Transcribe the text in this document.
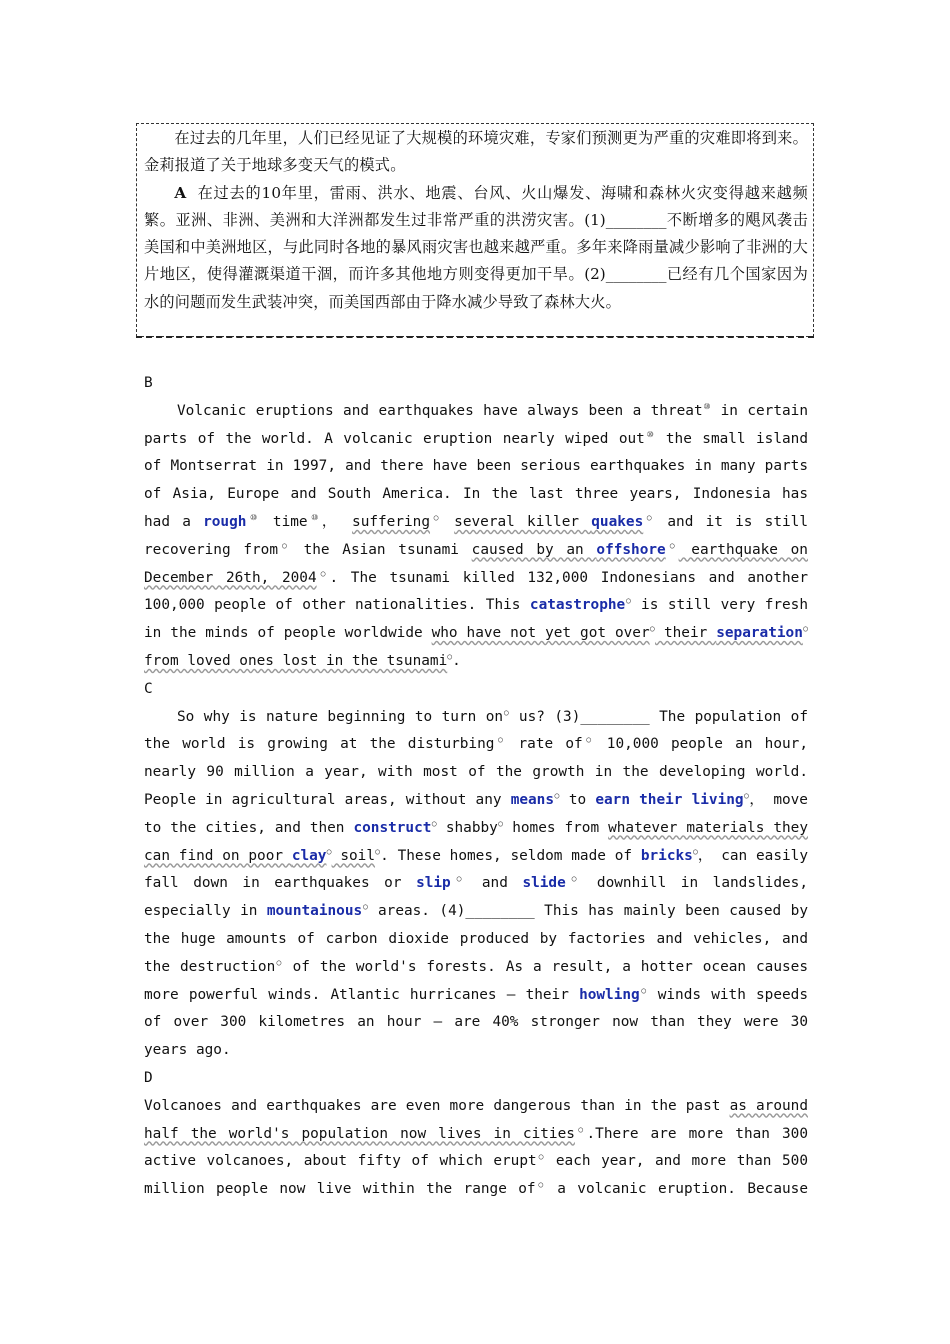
在过去的几年里，人们已经见证了大规模的环境灾难，专家们预测更为严重的灾难即将到来。金莉报道了关于地球多变天气的模式。

A 在过去的10年里，雷雨、洪水、地震、台风、火山爆发、海啸和森林火灾变得越来越频繁。亚洲、非洲、美洲和大洋洲都发生过非常严重的洪涝灾害。(1)________不断增多的飓风袭击美国和中美洲地区，与此同时各地的暴风雨灾害也越来越严重。多年来降雨量减少影响了非洲的大片地区，使得灌溉渠道干涸，而许多其他地方则变得更加干旱。(2)________已经有几个国家因为水的问题而发生武装冲突，而美国西部由于降水减少导致了森林大火。

B

Volcanic eruptions and earthquakes have always been a threat⑩ in certain parts of the world. A volcanic eruption nearly wiped out⑩ the small island of Montserrat in 1997, and there have been serious earthquakes in many parts of Asia, Europe and South America. In the last three years, Indonesia has had a rough⑩ time⑩， suffering○ several killer quakes○ and it is still recovering from○ the Asian tsunami caused by an offshore○ earthquake on December 26th, 2004○. The tsunami killed 132,000 Indonesians and another 100,000 people of other nationalities. This catastrophe○ is still very fresh in the minds of people worldwide who have not yet got over○ their separation○ from loved ones lost in the tsunami○.

C

So why is nature beginning to turn on○ us? (3)________ The population of the world is growing at the disturbing○ rate of○ 10,000 people an hour, nearly 90 million a year, with most of the growth in the developing world. People in agricultural areas, without any means○ to earn their living○， move to the cities, and then construct○ shabby○ homes from whatever materials they can find on poor clay○ soil○. These homes, seldom made of bricks○， can easily fall down in earthquakes or slip○ and slide○ downhill in landslides, especially in mountainous○ areas. (4)________ This has mainly been caused by the huge amounts of carbon dioxide produced by factories and vehicles, and the destruction○ of the world's forests. As a result, a hotter ocean causes more powerful winds. Atlantic hurricanes — their howling○ winds with speeds of over 300 kilometres an hour — are 40% stronger now than they were 30 years ago.

D

Volcanoes and earthquakes are even more dangerous than in the past as around half the world's population now lives in cities○.There are more than 300 active volcanoes, about fifty of which erupt○ each year, and more than 500 million people now live within the range of○ a volcanic eruption. Because
